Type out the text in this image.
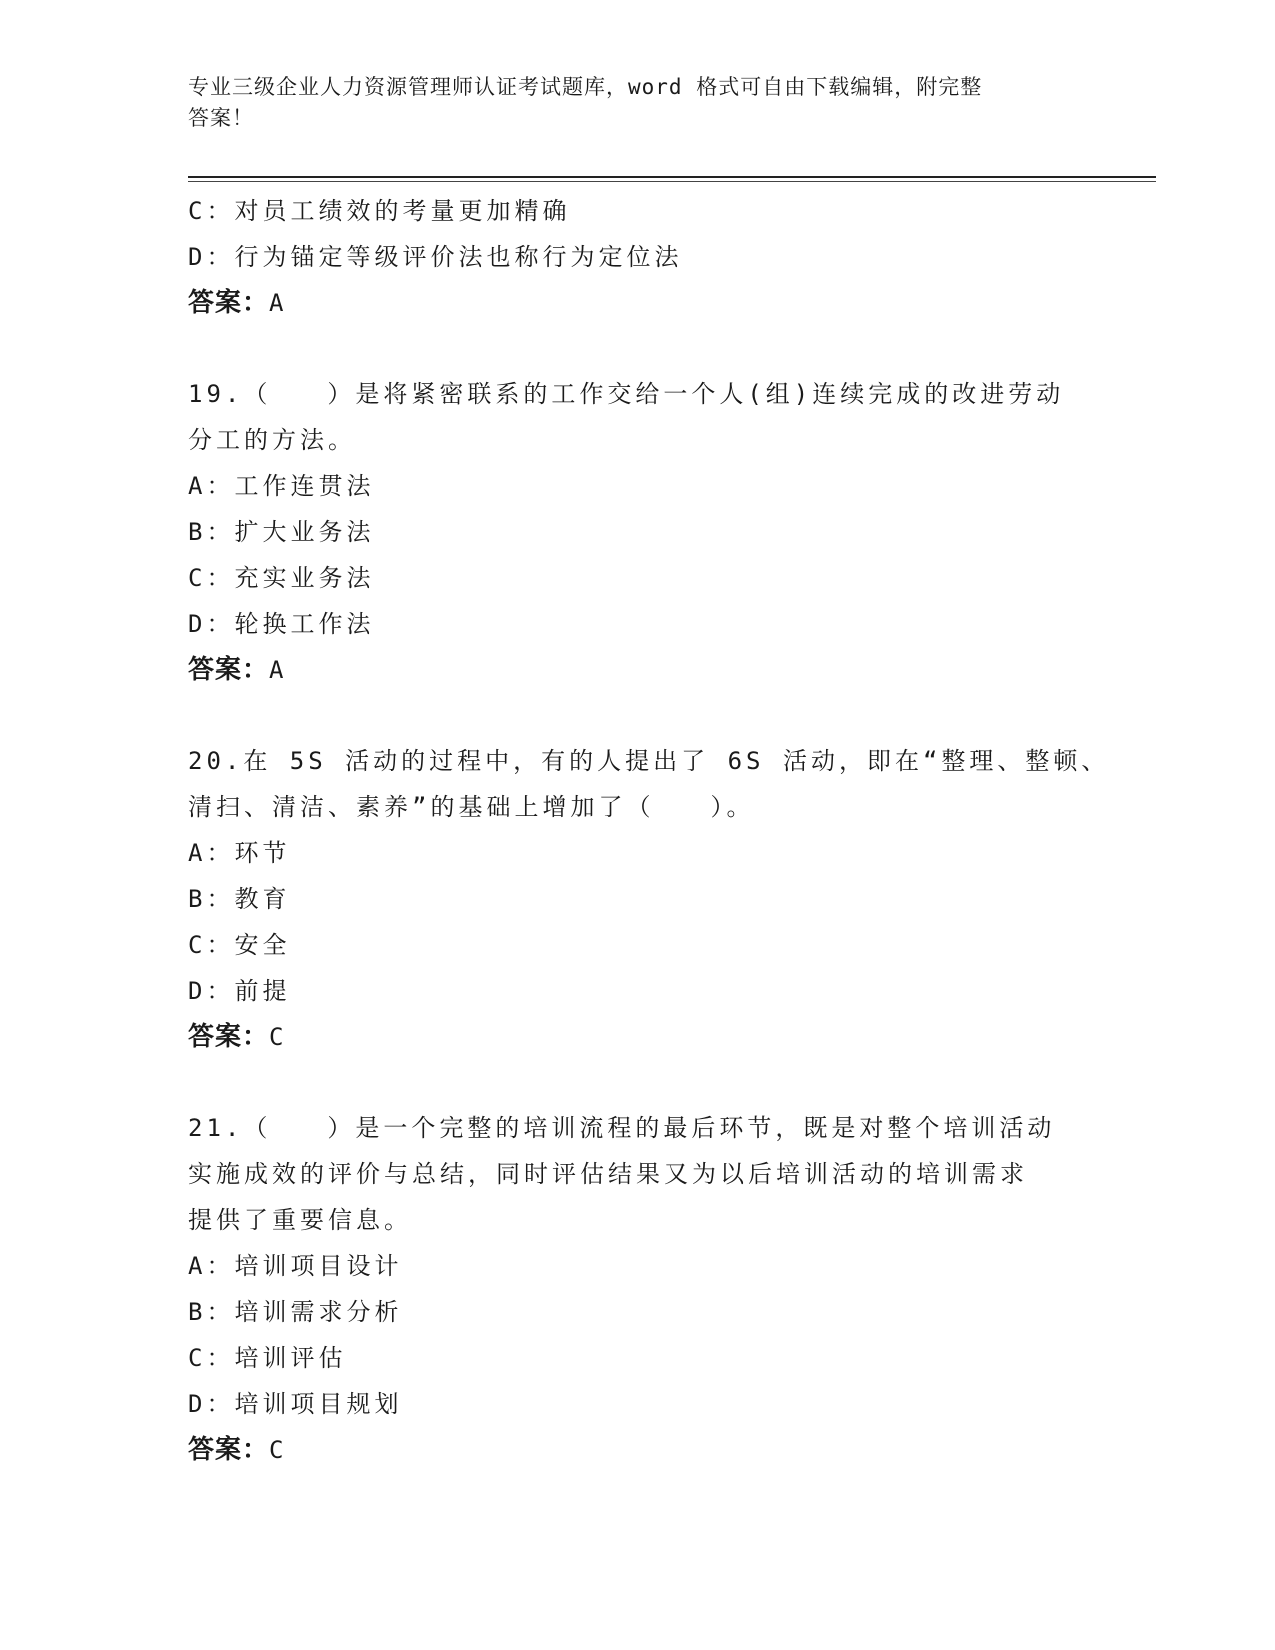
专业三级企业人力资源管理师认证考试题库，word 格式可自由下载编辑，附完整
答案！
C：对员工绩效的考量更加精确
D：行为锚定等级评价法也称行为定位法
答案：A
19.（　　）是将紧密联系的工作交给一个人(组)连续完成的改进劳动
分工的方法。
A：工作连贯法
B：扩大业务法
C：充实业务法
D：轮换工作法
答案：A
20.在 5S 活动的过程中，有的人提出了 6S 活动，即在“整理、整顿、
清扫、清洁、素养”的基础上增加了（　　）。
A：环节
B：教育
C：安全
D：前提
答案：C
21.（　　）是一个完整的培训流程的最后环节，既是对整个培训活动
实施成效的评价与总结，同时评估结果又为以后培训活动的培训需求
提供了重要信息。
A：培训项目设计
B：培训需求分析
C：培训评估
D：培训项目规划
答案：C
